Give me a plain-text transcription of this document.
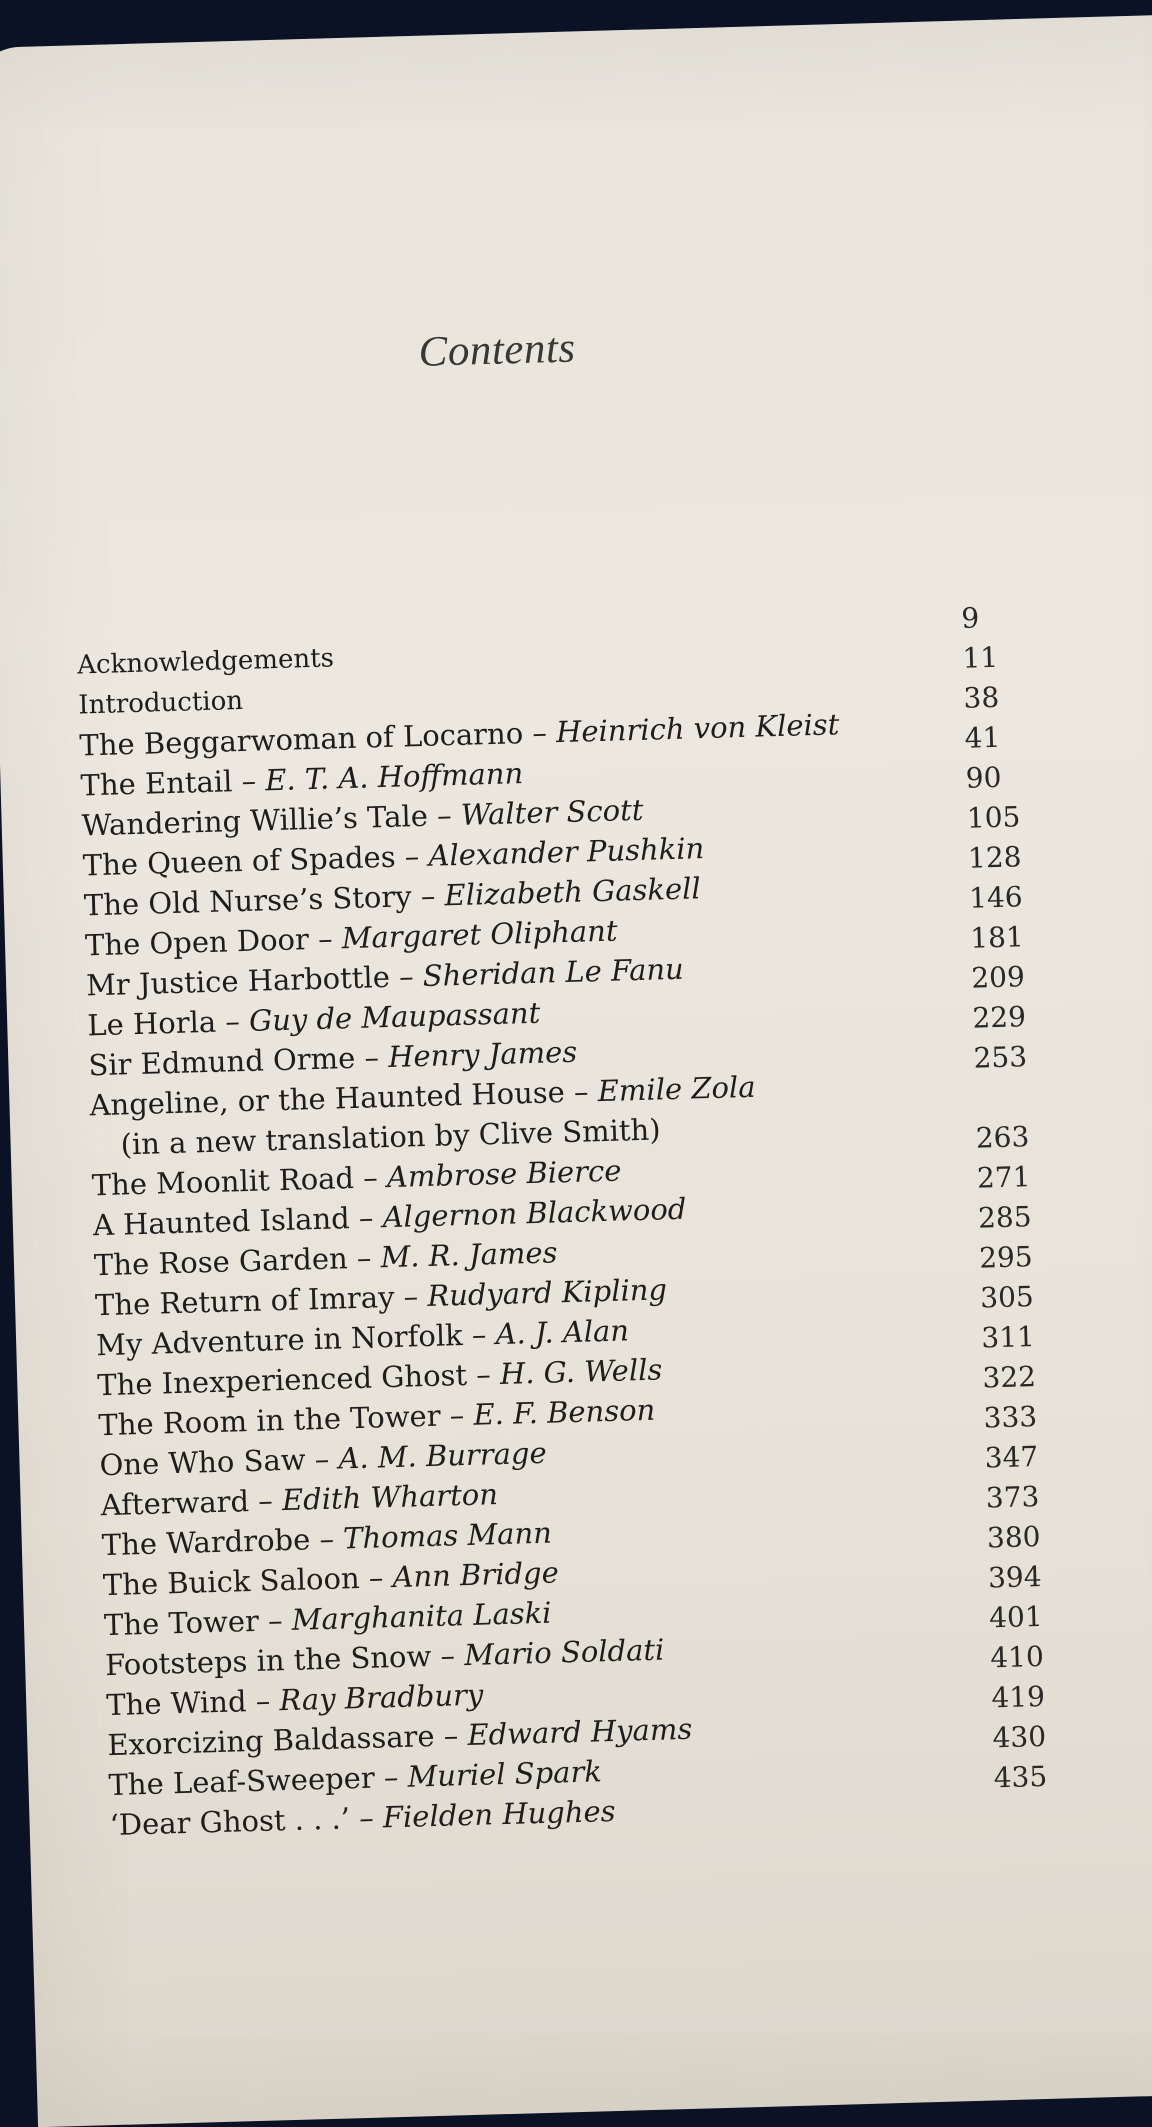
Contents
Acknowledgements
9
Introduction
11
The Beggarwoman of Locarno – Heinrich von Kleist
38
The Entail – E. T. A. Hoffmann
41
Wandering Willie’s Tale – Walter Scott
90
The Queen of Spades – Alexander Pushkin
105
The Old Nurse’s Story – Elizabeth Gaskell
128
The Open Door – Margaret Oliphant
146
Mr Justice Harbottle – Sheridan Le Fanu
181
Le Horla – Guy de Maupassant
209
Sir Edmund Orme – Henry James
229
Angeline, or the Haunted House – Emile Zola
(in a new translation by Clive Smith)
253
The Moonlit Road – Ambrose Bierce
263
A Haunted Island – Algernon Blackwood
271
The Rose Garden – M. R. James
285
The Return of Imray – Rudyard Kipling
295
My Adventure in Norfolk – A. J. Alan
305
The Inexperienced Ghost – H. G. Wells
311
The Room in the Tower – E. F. Benson
322
One Who Saw – A. M. Burrage
333
Afterward – Edith Wharton
347
The Wardrobe – Thomas Mann
373
The Buick Saloon – Ann Bridge
380
The Tower – Marghanita Laski
394
Footsteps in the Snow – Mario Soldati
401
The Wind – Ray Bradbury
410
Exorcizing Baldassare – Edward Hyams
419
The Leaf-Sweeper – Muriel Spark
430
‘Dear Ghost . . .’ – Fielden Hughes
435
